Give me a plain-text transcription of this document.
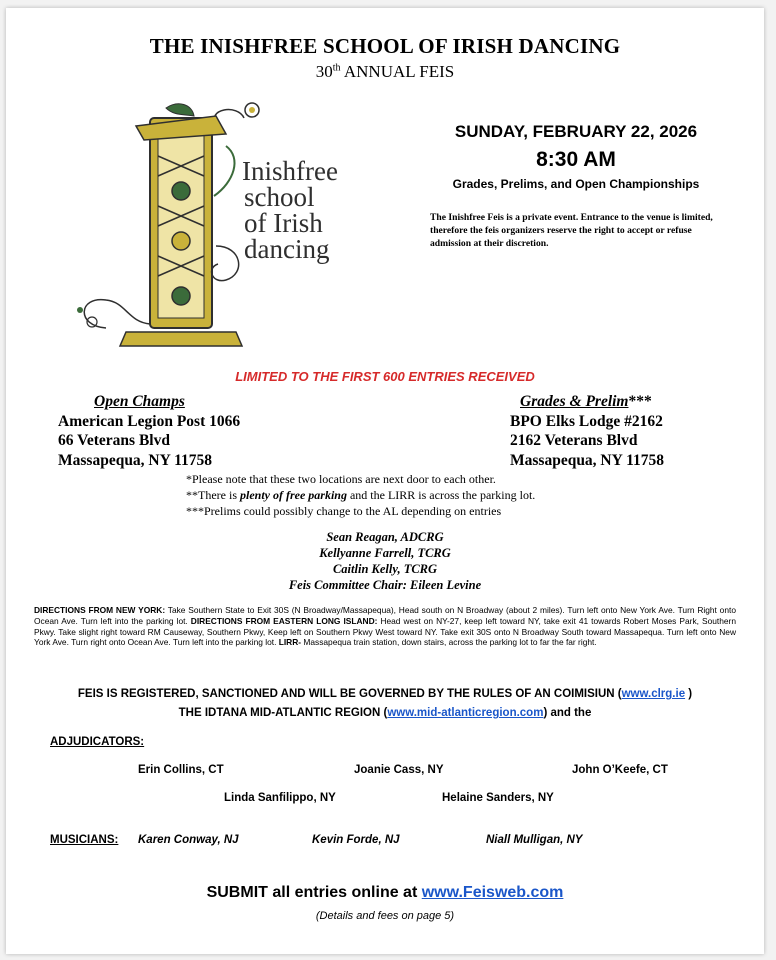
THE INISHFREE SCHOOL OF IRISH DANCING
30th ANNUAL FEIS
Inishfree
school
of Irish
dancing
SUNDAY, FEBRUARY 22, 2026
8:30 AM
Grades, Prelims, and Open Championships
The Inishfree Feis is a private event. Entrance to the venue is limited, therefore the feis organizers reserve the right to accept or refuse admission at their discretion.
LIMITED TO THE FIRST 600 ENTRIES RECEIVED
Open Champs
American Legion Post 1066
66 Veterans Blvd
Massapequa, NY 11758
Grades & Prelim***
BPO Elks Lodge #2162
2162 Veterans Blvd
Massapequa, NY 11758
*Please note that these two locations are next door to each other.
**There is plenty of free parking and the LIRR is across the parking lot.
***Prelims could possibly change to the AL depending on entries
Sean Reagan, ADCRG
Kellyanne Farrell, TCRG
Caitlin Kelly, TCRG
Feis Committee Chair: Eileen Levine
DIRECTIONS FROM NEW YORK: Take Southern State to Exit 30S (N Broadway/Massapequa), Head south on N Broadway (about 2 miles). Turn left onto New York Ave. Turn Right onto Ocean Ave. Turn left into the parking lot. DIRECTIONS FROM EASTERN LONG ISLAND: Head west on NY-27, keep left toward NY, take exit 41 towards Robert Moses Park, Southern Pkwy. Take slight right toward RM Causeway, Southern Pkwy, Keep left on Southern Pkwy West toward NY. Take exit 30S onto N Broadway South toward Massapequa. Turn left onto New York Ave. Turn right onto Ocean Ave. Turn left into the parking lot. LIRR- Massapequa train station, down stairs, across the parking lot to far the far right.
FEIS IS REGISTERED, SANCTIONED AND WILL BE GOVERNED BY THE RULES OF AN COIMISIUN (www.clrg.ie )
THE IDTANA MID-ATLANTIC REGION (www.mid-atlanticregion.com) and the
ADJUDICATORS:
Erin Collins, CT	Joanie Cass, NY	John O’Keefe, CT
Linda Sanfilippo, NY	Helaine Sanders, NY
MUSICIANS: Karen Conway, NJ	Kevin Forde, NJ	Niall Mulligan, NY
SUBMIT all entries online at www.Feisweb.com
(Details and fees on page 5)
